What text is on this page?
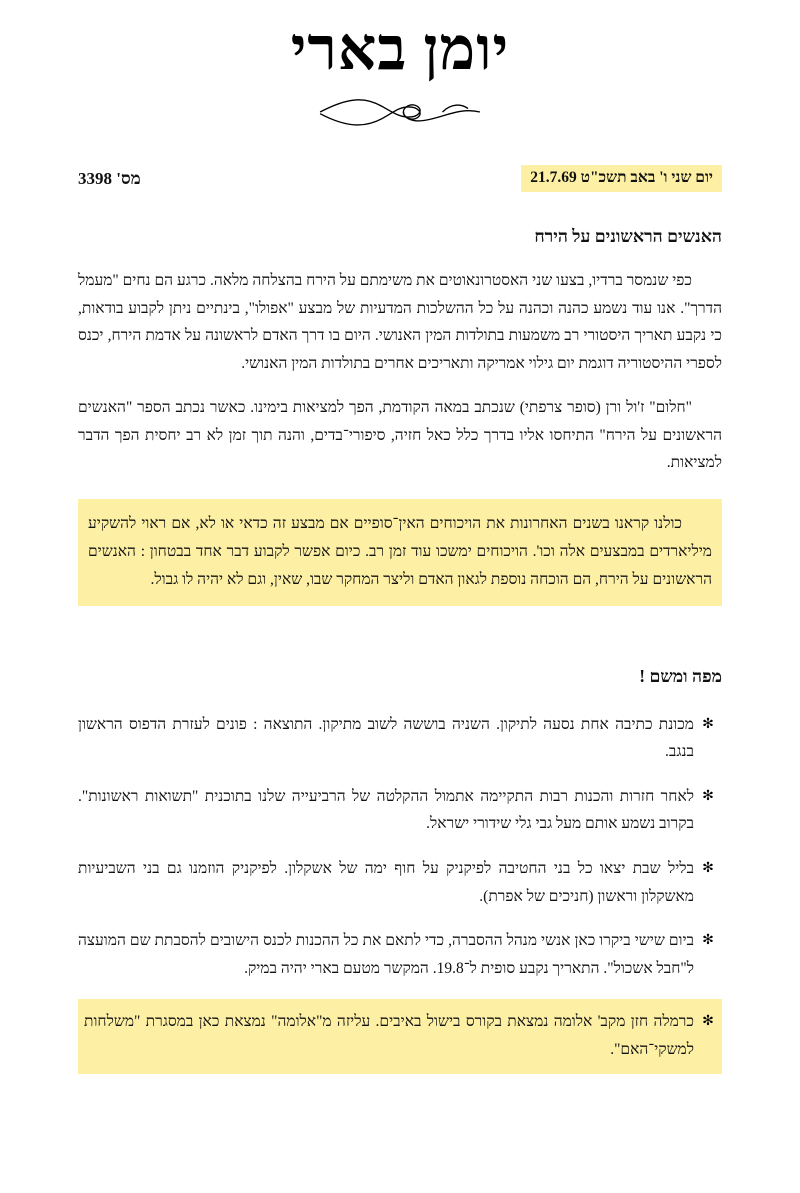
יומן בארי
יום שני ו' באב תשכ"ט 21.7.69
מס' 3398
האנשים הראשונים על הירח

כפי שנמסר ברדיו, בצעו שני האסטרונאוטים את משימתם על הירח בהצלחה מלאה. כרגע הם נחים "מעמל הדרך". אנו עוד נשמע כהנה וכהנה על כל ההשלכות המדעיות של מבצע "אפולו", בינתיים ניתן לקבוע בודאות, כי נקבע תאריך היסטורי רב משמעות בתולדות המין האנושי. היום בו דרך האדם לראשונה על אדמת הירח, יכנס לספרי ההיסטוריה דוגמת יום גילוי אמריקה ותאריכים אחרים בתולדות המין האנושי.

"חלום" ז'ול ורן (סופר צרפתי) שנכתב במאה הקודמת, הפך למציאות בימינו. כאשר נכתב הספר "האנשים הראשונים על הירח" התיחסו אליו בדרך כלל כאל חזיה, סיפורי־בדים, והנה תוך זמן לא רב יחסית הפך הדבר למציאות.

כולנו קראנו בשנים האחרונות את הויכוחים האין־סופיים אם מבצע זה כדאי או לא, אם ראוי להשקיע מיליארדים במבצעים אלה וכו'. הויכוחים ימשכו עוד זמן רב. כיום אפשר לקבוע דבר אחד בבטחון : האנשים הראשונים על הירח, הם הוכחה נוספת לגאון האדם וליצר המחקר שבו, שאין, וגם לא יהיה לו גבול.

מפה ומשם !
✻
מכונת כתיבה אחת נסעה לתיקון. השניה בוששה לשוב מתיקון. התוצאה : פונים לעזרת הדפוס הראשון בנגב.
✻
לאחר חזרות והכנות רבות התקיימה אתמול ההקלטה של הרביעייה שלנו בתוכנית "תשואות ראשונות". בקרוב נשמע אותם מעל גבי גלי שידורי ישראל.
✻
בליל שבת יצאו כל בני החטיבה לפיקניק על חוף ימה של אשקלון. לפיקניק הוזמנו גם בני השביעיות מאשקלון וראשון (חניכים של אפרת).
✻
ביום שישי ביקרו כאן אנשי מנהל ההסברה, כדי לתאם את כל ההכנות לכנס הישובים להסבתת שם המועצה ל"חבל אשכול". התאריך נקבע סופית ל־19.8. המקשר מטעם בארי יהיה במיק.
✻
כרמלה חזן מקב' אלומה נמצאת בקורס בישול באיבים. עליזה מ"אלומה" נמצאת כאן במסגרת "משלחות למשקי־האם".
